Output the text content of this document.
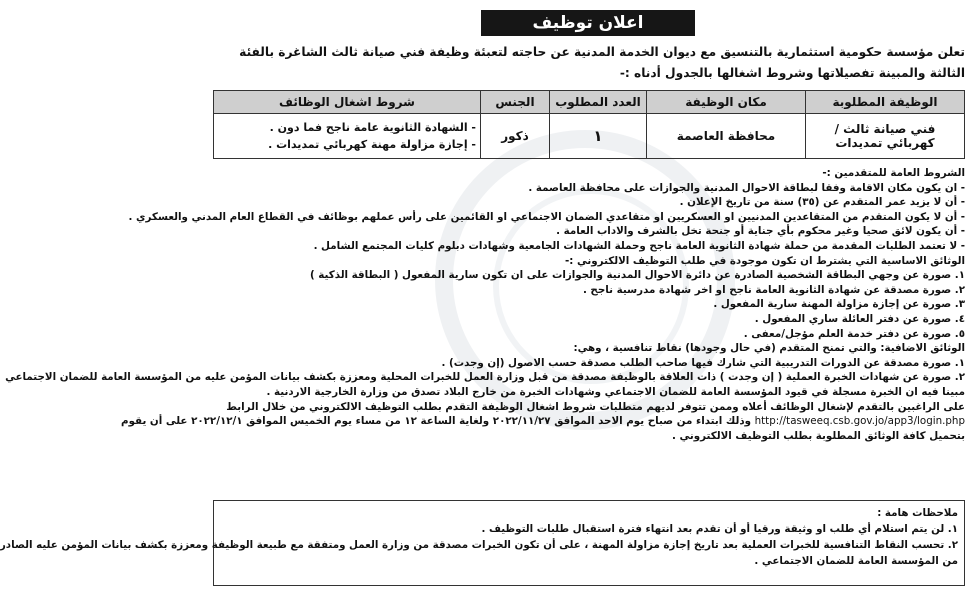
اعلان توظيف
تعلن مؤسسة حكومية استثمارية بالتنسيق مع ديوان الخدمة المدنية عن حاجته لتعبئة وظيفة فني صيانة ثالث الشاغرة بالفئة الثالثة والمبينة تفصيلاتها وشروط اشغالها بالجدول أدناه :-
الوظيفة المطلوبة	مكان الوظيفة	العدد المطلوب	الجنس	شروط اشغال الوظائف
فني صيانة ثالث / كهربائي تمديدات	محافظة العاصمة	١	ذكور	- الشهادة الثانوية عامة ناجح فما دون .
- إجازة مزاولة مهنة كهربائي تمديدات .
الشروط العامة للمتقدمين :-
- ان يكون مكان الاقامة وفقا لبطاقة الاحوال المدنية والجوازات على محافظة العاصمة .
- أن لا يزيد عمر المتقدم عن (٣٥) سنة من تاريخ الإعلان .
- أن لا يكون المتقدم من المتقاعدين المدنيين او العسكريين او متقاعدي الضمان الاجتماعي او القائمين على رأس عملهم بوظائف في القطاع العام المدني والعسكري .
- أن يكون لائق صحيا وغير محكوم بأي جناية أو جنحة تخل بالشرف والاداب العامة .
- لا تعتمد الطلبات المقدمة من حملة شهادة الثانوية العامة ناجح وحملة الشهادات الجامعية وشهادات دبلوم كليات المجتمع الشامل .
الوثائق الاساسية التي يشترط ان تكون موجودة في طلب التوظيف الالكتروني :-
١. صورة عن وجهي البطاقة الشخصية الصادرة عن دائرة الاحوال المدنية والجوازات على ان تكون سارية المفعول ( البطاقة الذكية )
٢. صورة مصدقة عن شهادة الثانوية العامة ناجح او اخر شهادة مدرسية ناجح .
٣. صورة عن إجازة مزاولة المهنة سارية المفعول .
٤. صورة عن دفتر العائلة ساري المفعول .
٥. صورة عن دفتر خدمة العلم مؤجل/معفى .
الوثائق الاضافية: والتي تمنح المتقدم (في حال وجودها) نقاط تنافسية ، وهي:
١. صورة مصدقة عن الدورات التدريبية التي شارك فيها صاحب الطلب مصدقة حسب الاصول (إن وجدت) .
٢. صورة عن شهادات الخبرة العملية ( إن وجدت ) ذات العلاقة بالوظيفة مصدقة من قبل وزارة العمل للخبرات المحلية ومعززة بكشف بيانات المؤمن عليه من المؤسسة العامة للضمان الاجتماعي
مبينا فيه ان الخبرة مسجلة في قيود المؤسسة العامة للضمان الاجتماعي وشهادات الخبرة من خارج البلاد تصدق من وزارة الخارجية الاردنية .
على الراغبين بالتقدم لإشغال الوظائف أعلاه وممن تتوفر لديهم متطلبات شروط اشغال الوظيفة التقدم بطلب التوظيف الالكتروني من خلال الرابط
http://tasweeq.csb.gov.jo/app3/login.php وذلك ابتداء من صباح يوم الاحد الموافق ٢٠٢٢/١١/٢٧ ولغاية الساعة ١٢ من مساء يوم الخميس الموافق ٢٠٢٢/١٢/١ على أن يقوم
بتحميل كافة الوثائق المطلوبة بطلب التوظيف الالكتروني .
ملاحظات هامة :
١. لن يتم استلام أي طلب او وثيقة ورقيا أو أن تقدم بعد انتهاء فترة استقبال طلبات التوظيف .
٢. تحسب النقاط التنافسية للخبرات العملية بعد تاريخ إجازة مزاولة المهنة ، على أن تكون الخبرات مصدقة من وزارة العمل ومتفقة مع طبيعة الوظيفة ومعززة بكشف بيانات المؤمن عليه الصادر
من المؤسسة العامة للضمان الاجتماعي .
